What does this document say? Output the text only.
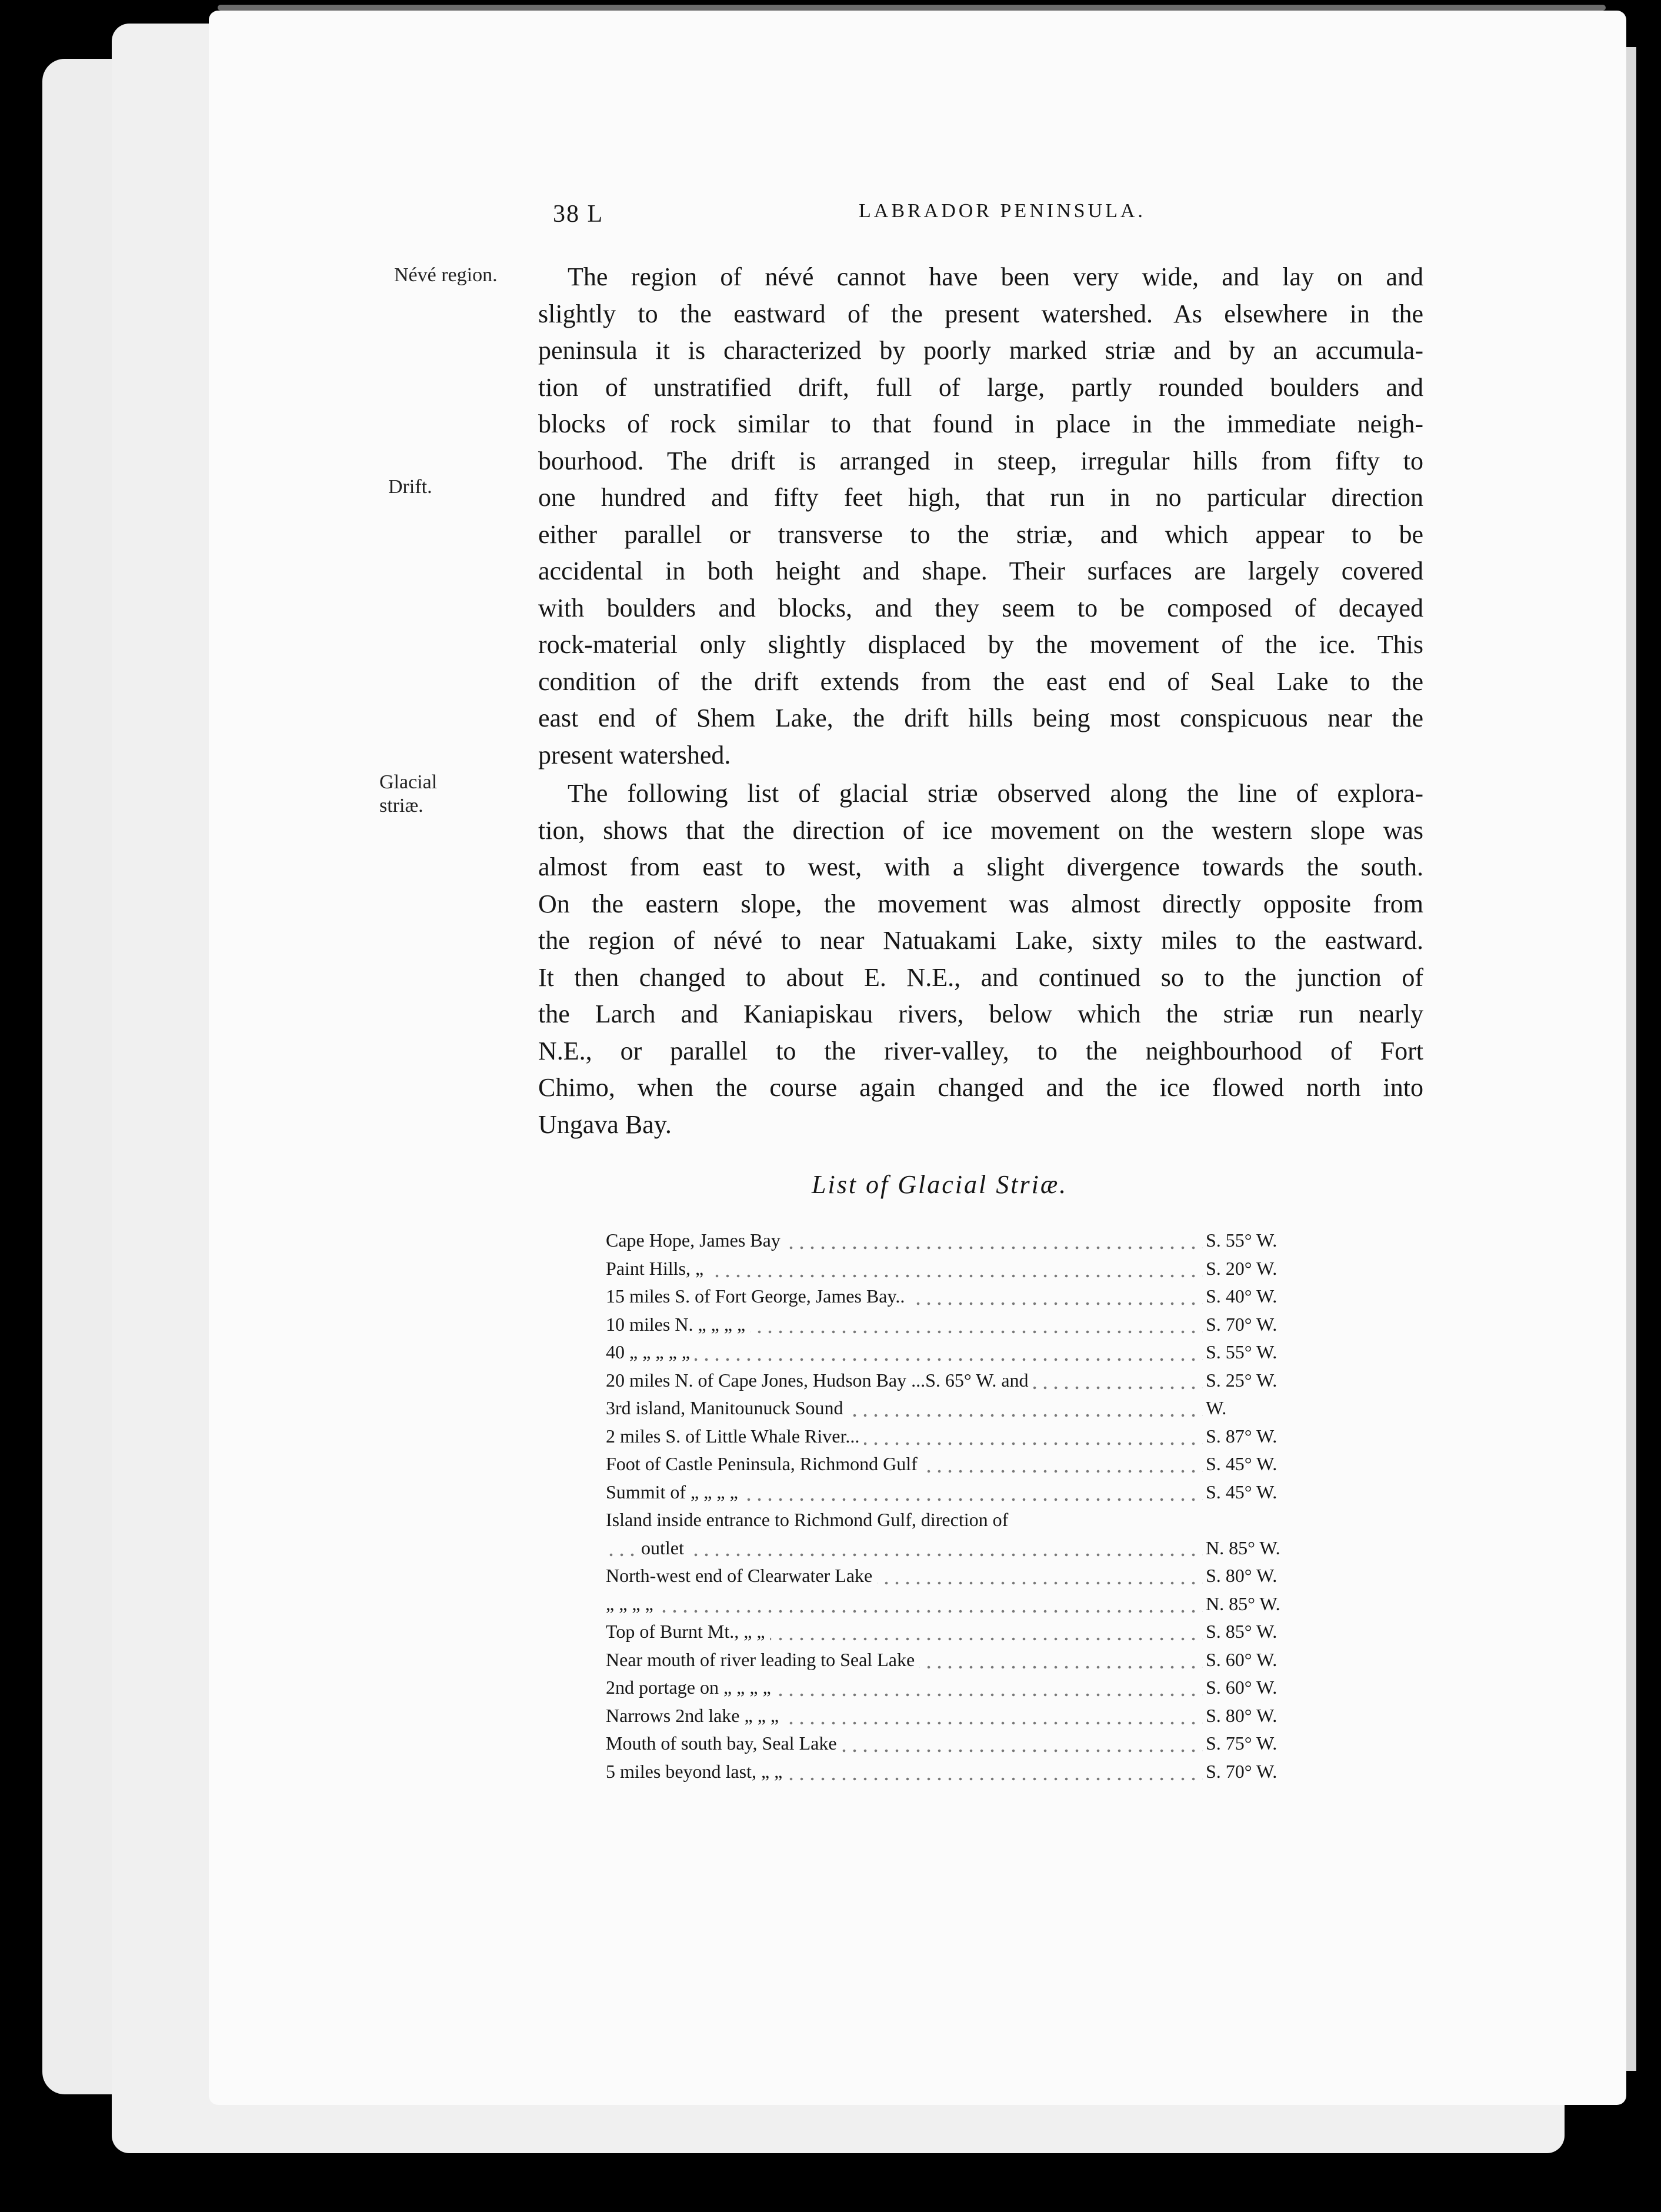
38 L	LABRADOR PENINSULA.
Névé region.
Drift.
Glacial striæ.
The region of névé cannot have been very wide, and lay on and
slightly to the eastward of the present watershed. As elsewhere in the
peninsula it is characterized by poorly marked striæ and by an accumula-
tion of unstratified drift, full of large, partly rounded boulders and
blocks of rock similar to that found in place in the immediate neigh-
bourhood. The drift is arranged in steep, irregular hills from fifty to
one hundred and fifty feet high, that run in no particular direction
either parallel or transverse to the striæ, and which appear to be
accidental in both height and shape. Their surfaces are largely covered
with boulders and blocks, and they seem to be composed of decayed
rock-material only slightly displaced by the movement of the ice. This
condition of the drift extends from the east end of Seal Lake to the
east end of Shem Lake, the drift hills being most conspicuous near the
present watershed.
The following list of glacial striæ observed along the line of explora-
tion, shows that the direction of ice movement on the western slope was
almost from east to west, with a slight divergence towards the south.
On the eastern slope, the movement was almost directly opposite from
the region of névé to near Natuakami Lake, sixty miles to the eastward.
It then changed to about E. N.E., and continued so to the junction of
the Larch and Kaniapiskau rivers, below which the striæ run nearly
N.E., or parallel to the river-valley, to the neighbourhood of Fort
Chimo, when the course again changed and the ice flowed north into
Ungava Bay.
List of Glacial Striæ.
Cape Hope, James Bay	S. 55° W.
Paint Hills, „	S. 20° W.
15 miles S. of Fort George, James Bay..	S. 40° W.
10 miles N. „ „ „ „	S. 70° W.
40 „ „ „ „ „	S. 55° W.
20 miles N. of Cape Jones, Hudson Bay ...S. 65° W. and	S. 25° W.
3rd island, Manitounuck Sound	W.
2 miles S. of Little Whale River...	S. 87° W.
Foot of Castle Peninsula, Richmond Gulf	S. 45° W.
Summit of „ „ „ „	S. 45° W.
Island inside entrance to Richmond Gulf, direction of
outlet	N. 85° W.
North-west end of Clearwater Lake	S. 80° W.
„ „ „ „	N. 85° W.
Top of Burnt Mt., „ „	S. 85° W.
Near mouth of river leading to Seal Lake	S. 60° W.
2nd portage on „ „ „ „	S. 60° W.
Narrows 2nd lake „ „ „	S. 80° W.
Mouth of south bay, Seal Lake	S. 75° W.
5 miles beyond last, „ „	S. 70° W.
